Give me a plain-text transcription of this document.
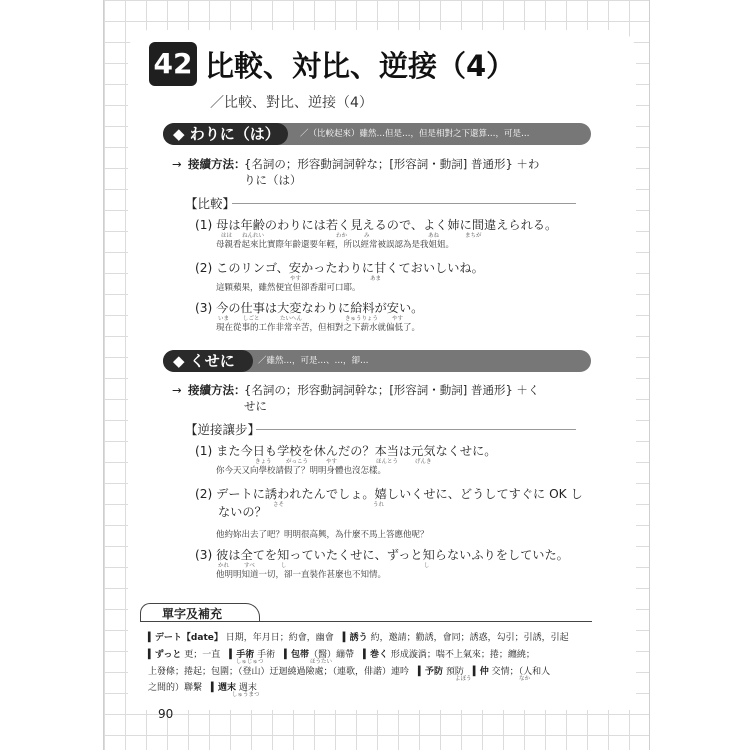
42 比較、対比、逆接（4）
／比較、對比、逆接（4）
◆ わりに（は）	／（比較起來）雖然…但是…，但是相對之下還算…，可是…
→ 接續方法：
{名詞の；形容動詞詞幹な；[形容詞・動詞] 普通形} ＋わ
りに（は）
【比較】
(1) 母は年齢のわりには若く見えるので、よく姉に間違えられる。
はは ねんれい	わか	み	あね	まちが
母親看起來比實際年齡還要年輕，所以經常被誤認為是我姐姐。
(2) このリンゴ、安かったわりに甘くておいしいね。
やす	あま
這顆蘋果，雖然便宜但卻香甜可口耶。
(3) 今の仕事は大変なわりに給料が安い。
いま	しごと	たいへん	きゅうりょう	やす
現在從事的工作非常辛苦，但相對之下薪水就偏低了。
◆ くせに	／雖然…，可是…、…，卻…
→ 接續方法：
{名詞の；形容動詞詞幹な；[形容詞・動詞] 普通形} ＋く
せに
【逆接讓步】
(1) また今日も学校を休んだの？本当は元気なくせに。
きょう	がっこう	やす	ほんとう	げんき
你今天又向學校請假了？明明身體也沒怎樣。
(2) デートに誘われたんでしょ。嬉しいくせに、どうしてすぐに OK し
ないの？ さそ	うれ
他約妳出去了吧？明明很高興，為什麼不馬上答應他呢？
(3) 彼は全てを知っていたくせに、ずっと知らないふりをしていた。
かれ	すべ	し	し
他明明知道一切，卻一直裝作甚麼也不知情。
單字及補充
▍デート【date】 日期，年月日；約會，幽會　▍誘う 約，邀請；勸誘，會同；誘惑，勾引；引誘，引起
▍ずっと 更；一直　▍手術 手術　▍包帯（醫）繃帶　▍巻く 形成漩渦；喘不上氣來；捲；纏繞；
しゅじゅつ	ほうたい
上發條；捲起；包圍；（登山）迂迴繞過險處；（連歌，俳諧）連吟　▍予防 預防　▍仲 交情；（人和人
よぼう	なか
之間的）聯繫　▍週末 週末
しゅうまつ
90
